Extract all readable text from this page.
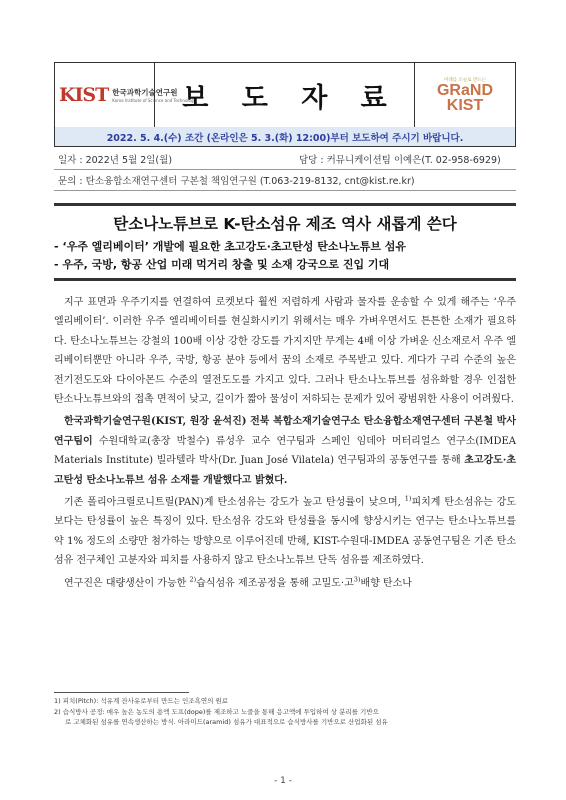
KIST 한국과학기술연구원
Korea Institute of Science and Technology
보 도 자 료
미래를 오늘로 만드는
GRaND
KIST
2022. 5. 4.(수) 조간 (온라인은 5. 3.(화) 12:00)부터 보도하여 주시기 바랍니다.
일자 : 2022년 5월 2일(월)	담당 : 커뮤니케이션팀 이예은(T. 02-958-6929)
문의 : 탄소융합소재연구센터 구본철 책임연구원 (T.063-219-8132, cnt@kist.re.kr)
탄소나노튜브로 K-탄소섬유 제조 역사 새롭게 쓴다
- ‘우주 엘리베이터’ 개발에 필요한 초고강도·초고탄성 탄소나노튜브 섬유
- 우주, 국방, 항공 산업 미래 먹거리 창출 및 소재 강국으로 진입 기대

지구 표면과 우주기지를 연결하여 로켓보다 훨씬 저렴하게 사람과 물자를 운송할 수 있게 해주는 ‘우주 엘리베이터’. 이러한 우주 엘리베이터를 현실화시키기 위해서는 매우 가벼우면서도 튼튼한 소재가 필요하다. 탄소나노튜브는 강철의 100배 이상 강한 강도를 가지지만 무게는 4배 이상 가벼운 신소재로서 우주 엘리베이터뿐만 아니라 우주, 국방, 항공 분야 등에서 꿈의 소재로 주목받고 있다. 게다가 구리 수준의 높은 전기전도도와 다이아몬드 수준의 열전도도를 가지고 있다. 그러나 탄소나노튜브를 섬유화할 경우 인접한 탄소나노튜브와의 접촉 면적이 낮고, 길이가 짧아 물성이 저하되는 문제가 있어 광범위한 사용이 어려웠다.

한국과학기술연구원(KIST, 원장 윤석진) 전북 복합소재기술연구소 탄소융합소재연구센터 구본철 박사 연구팀이 수원대학교(총장 박철수) 류성우 교수 연구팀과 스페인 임데아 머터리얼스 연구소(IMDEA Materials Institute) 빌라텔라 박사(Dr. Juan José Vilatela) 연구팀과의 공동연구를 통해 초고강도·초고탄성 탄소나노튜브 섬유 소재를 개발했다고 밝혔다.

기존 폴리아크릴로니트릴(PAN)계 탄소섬유는 강도가 높고 탄성률이 낮으며, $^{1)}$피치계 탄소섬유는 강도보다는 탄성률이 높은 특징이 있다. 탄소섬유 강도와 탄성률을 동시에 향상시키는 연구는 탄소나노튜브를 약 1% 정도의 소량만 첨가하는 방향으로 이루어진데 반해, KIST-수원대-IMDEA 공동연구팀은 기존 탄소섬유 전구체인 고분자와 피치를 사용하지 않고 탄소나노튜브 단독 섬유를 제조하였다.

연구진은 대량생산이 가능한 $^{2)}$습식섬유 제조공정을 통해 고밀도·고$^{3)}$배향 탄소나

1) 피치(Pitch): 석유계 잔사유로부터 만드는 인조흑연의 원료
2) 습식방사 공정: 매우 높은 농도의 용액 도프(dope)를 제조하고 노즐을 통해 응고액에 투입하여 상 분리를 기반으
로 고체화된 섬유를 연속생산하는 방식. 아라미드(aramid) 섬유가 대표적으로 습식방사를 기반으로 산업화된 섬유
- 1 -
